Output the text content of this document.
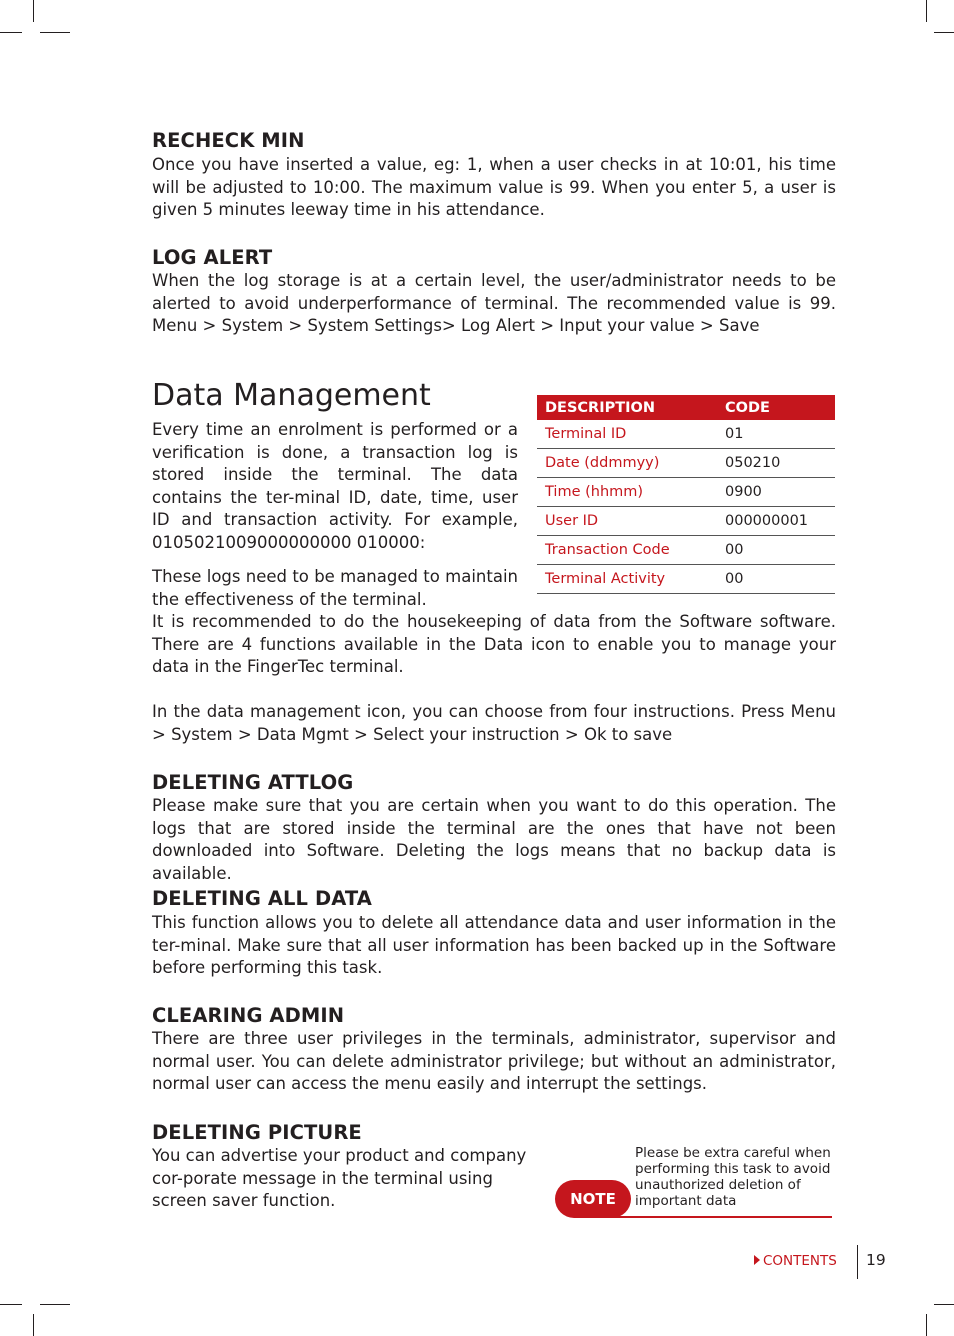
RECHECK MIN

Once you have inserted a value, eg: 1, when a user checks in at 10:01, his time will be adjusted to 10:00. The maximum value is 99. When you enter 5, a user is given 5 minutes leeway time in his attendance.

LOG ALERT

When the log storage is at a certain level, the user/administrator needs to be alerted to avoid underperformance of terminal. The recommended value is 99. Menu > System > System Settings> Log Alert > Input your value > Save

Data Management

Every time an enrolment is performed or a verification is done, a transaction log is stored inside the terminal. The data contains the ter-minal ID, date, time, user ID and transaction activity. For example, 0105021009000000000 010000:

These logs need to be managed to maintain the effectiveness of the terminal.

It is recommended to do the housekeeping of data from the Software software. There are 4 functions available in the Data icon to enable you to manage your data in the FingerTec terminal.

In the data management icon, you can choose from four instructions. Press Menu > System > Data Mgmt > Select your instruction > Ok to save

DESCRIPTION	CODE
Terminal ID	01
Date (ddmmyy)	050210
Time (hhmm)	0900
User ID	000000001
Transaction Code	00
Terminal Activity	00
DELETING ATTLOG

Please make sure that you are certain when you want to do this operation. The logs that are stored inside the terminal are the ones that have not been downloaded into Software. Deleting the logs means that no backup data is available.

DELETING ALL DATA

This function allows you to delete all attendance data and user information in the ter-minal. Make sure that all user information has been backed up in the Software before performing this task.

CLEARING ADMIN

There are three user privileges in the terminals, administrator, supervisor and normal user. You can delete administrator privilege; but without an administrator, normal user can access the menu easily and interrupt the settings.

DELETING PICTURE

You can advertise your product and company cor-porate message in the terminal using screen saver function.	NOTE
Please be extra careful when performing this task to avoid unauthorized deletion of important data
CONTENTS 19
